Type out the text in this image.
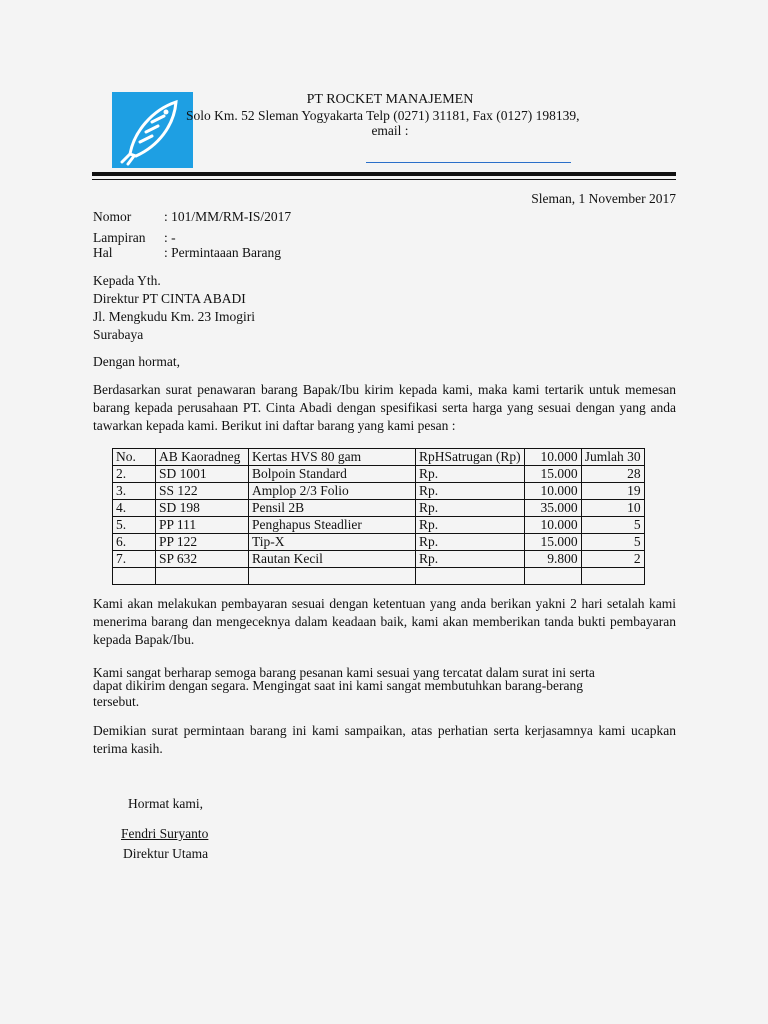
PT ROCKET MANAJEMEN
Solo Km. 52 Sleman Yogyakarta Telp (0271) 31181, Fax (0127) 198139,
email :
Sleman, 1 November 2017
Nomor : 101/MM/RM-IS/2017
Lampiran : -
Hal	: Permintaaan Barang
Kepada Yth.
Direktur PT CINTA ABADI
Jl. Mengkudu Km. 23 Imogiri
Surabaya
Dengan hormat,
Berdasarkan surat penawaran barang Bapak/Ibu kirim kepada kami, maka kami tertarik untuk memesan barang kepada perusahaan PT. Cinta Abadi dengan spesifikasi serta harga yang sesuai dengan yang anda tawarkan kepada kami. Berikut ini daftar barang yang kami pesan :
No.	AB Kaoradneg	Kertas HVS 80 gam	RpHSatrugan (Rp)	10.000	Jumlah 30
2.	SD 1001	Bolpoin Standard	Rp.	15.000	28
3.	SS 122	Amplop 2/3 Folio	Rp.	10.000	19
4.	SD 198	Pensil 2B	Rp.	35.000	10
5.	PP 111	Penghapus Steadlier	Rp.	10.000	5
6.	PP 122	Tip-X	Rp.	15.000	5
7.	SP 632	Rautan Kecil	Rp.	9.800	2

Kami akan melakukan pembayaran sesuai dengan ketentuan yang anda berikan yakni 2 hari setalah kami menerima barang dan mengeceknya dalam keadaan baik, kami akan memberikan tanda bukti pembayaran kepada Bapak/Ibu.
Kami sangat berharap semoga barang pesanan kami sesuai yang tercatat dalam surat ini serta
dapat dikirim dengan segara. Mengingat saat ini kami sangat membutuhkan barang-berang
tersebut.
Demikian surat permintaan barang ini kami sampaikan, atas perhatian serta kerjasamnya kami ucapkan terima kasih.
Hormat kami,
Fendri Suryanto
Direktur Utama
